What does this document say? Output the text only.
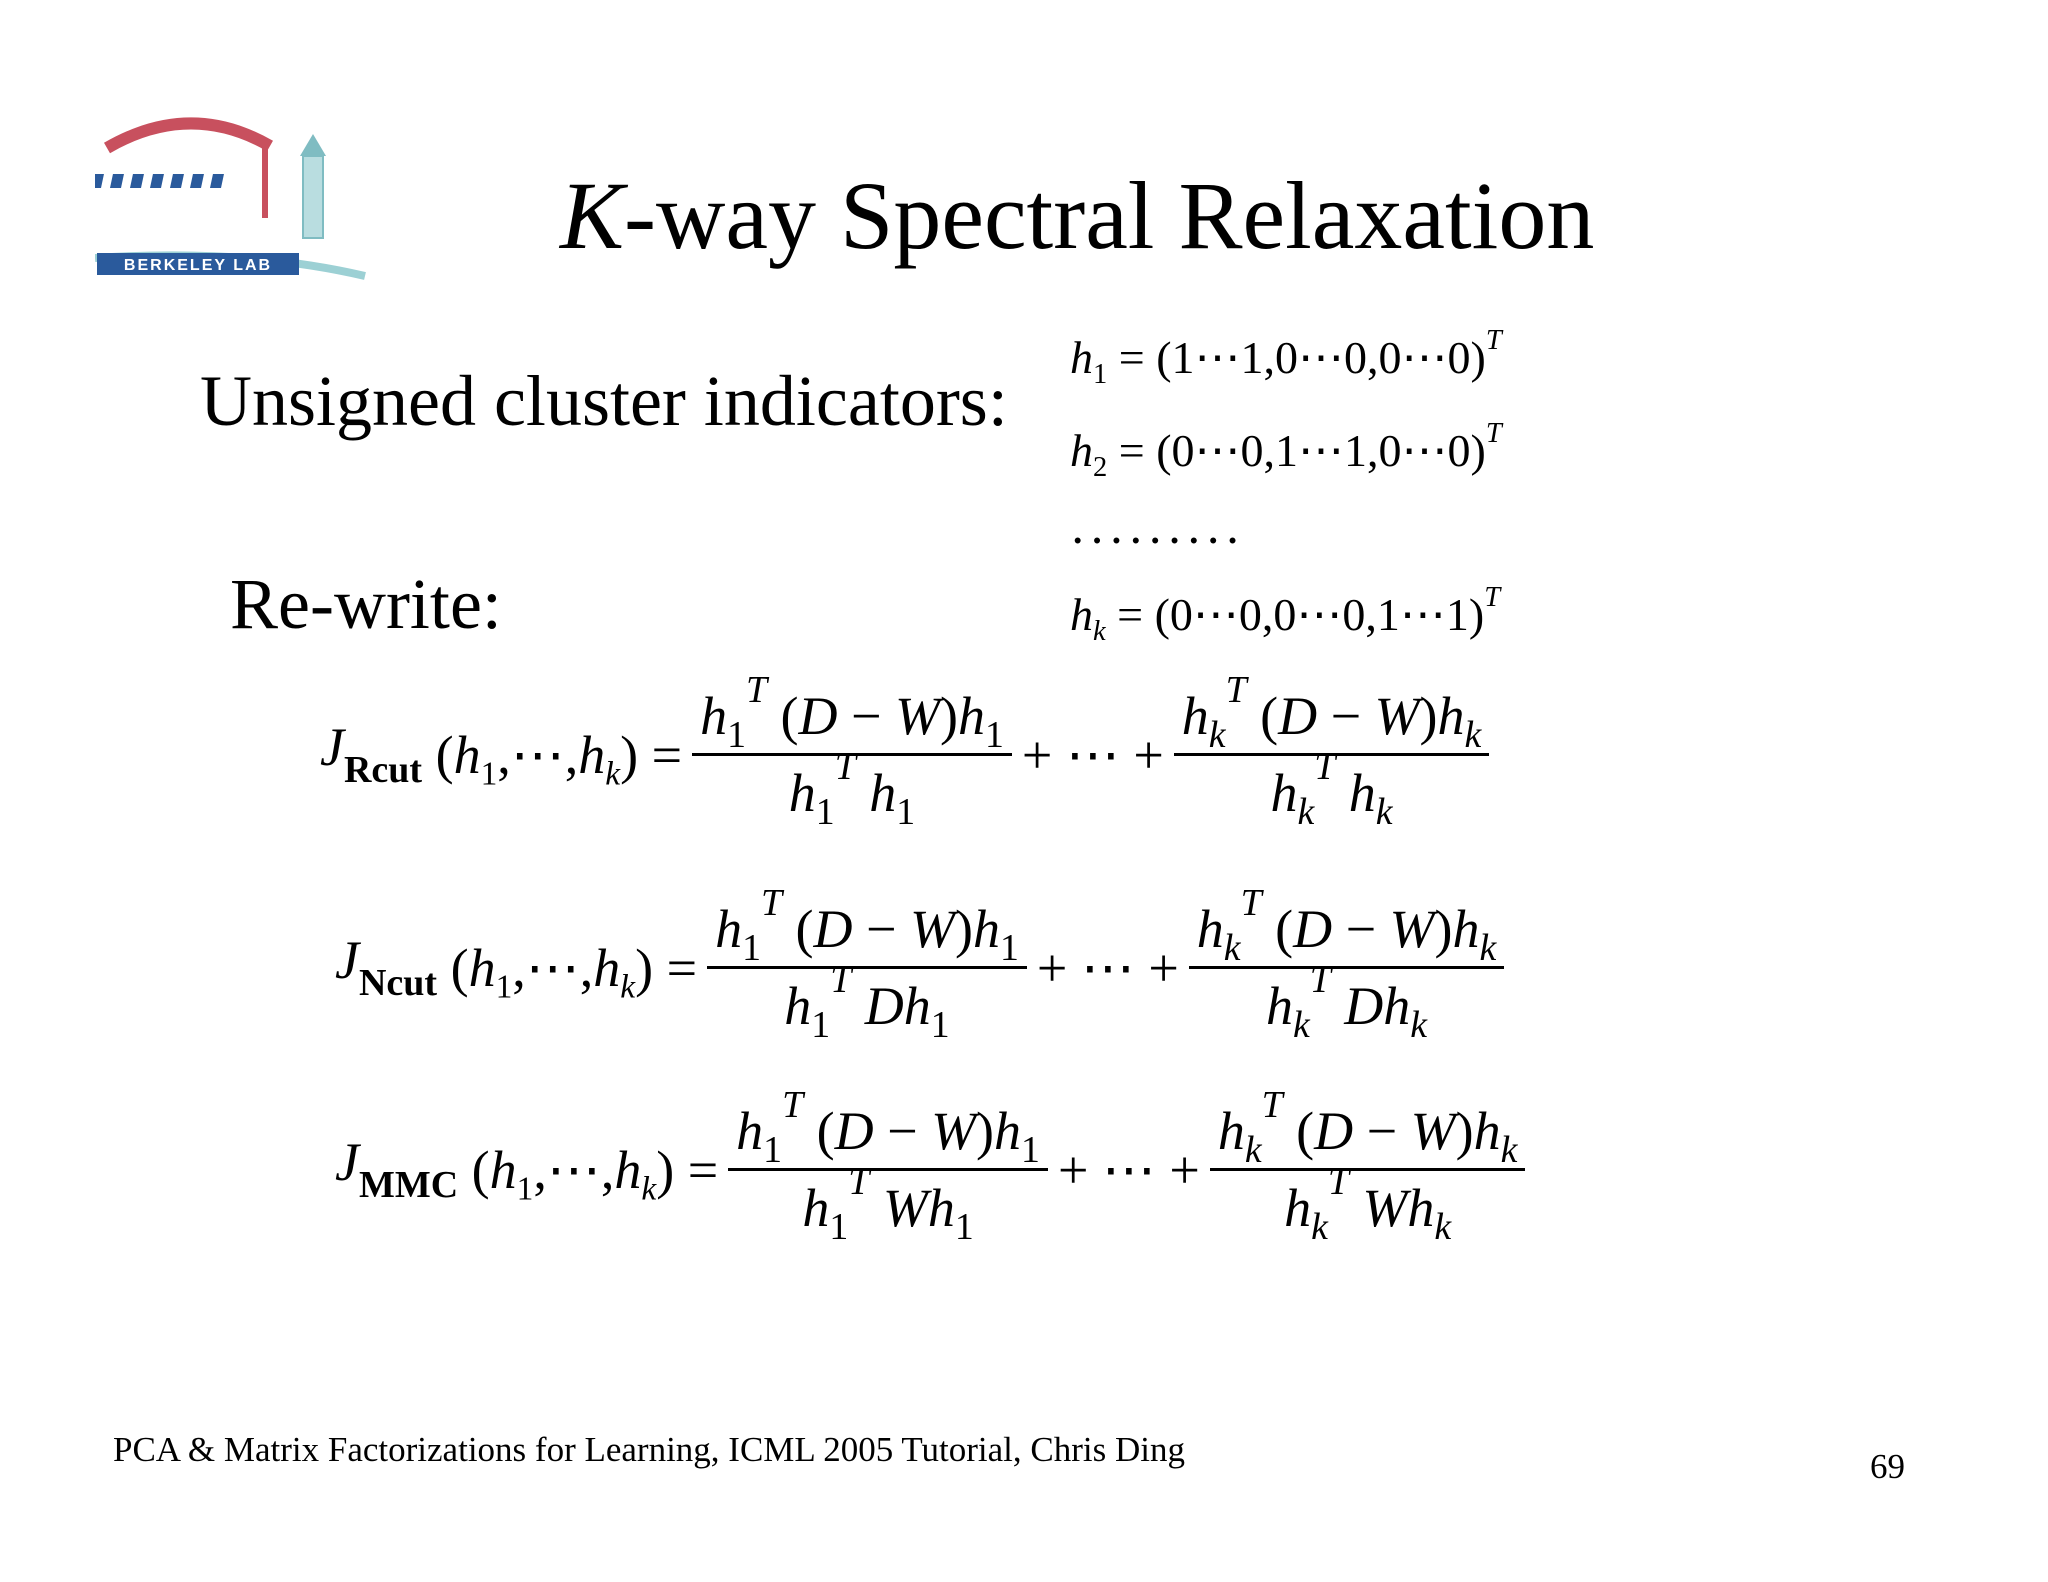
BERKELEY LAB	K-way Spectral Relaxation
Unsigned cluster indicators:
Re-write:
$h_1$ = (1⋯1,0⋯0,0⋯0)$^T$
$h_2$ = (0⋯0,1⋯1,0⋯0)$^T$
․․․․․․․․․
$h_k$ = (0⋯0,0⋯0,1⋯1)$^T$
$J_{Rcut}$ $(h_1,\cdots,h_k) = \frac{h_1^T (D - W)h_1}{h_1^T h_1}$ + ⋯ + $\frac{h_k^T (D - W)h_k}{h_k^T h_k}$
$J_{Ncut}$ $(h_1,\cdots,h_k) = \frac{h_1^T (D - W)h_1}{h_1^T Dh_1}$ + ⋯ + $\frac{h_k^T (D - W)h_k}{h_k^T Dh_k}$
$J_{MMC}$ $(h_1,\cdots,h_k) = \frac{h_1^T (D - W)h_1}{h_1^T Wh_1}$ + ⋯ + $\frac{h_k^T (D - W)h_k}{h_k^T Wh_k}$
PCA & Matrix Factorizations for Learning, ICML 2005 Tutorial, Chris Ding	69
